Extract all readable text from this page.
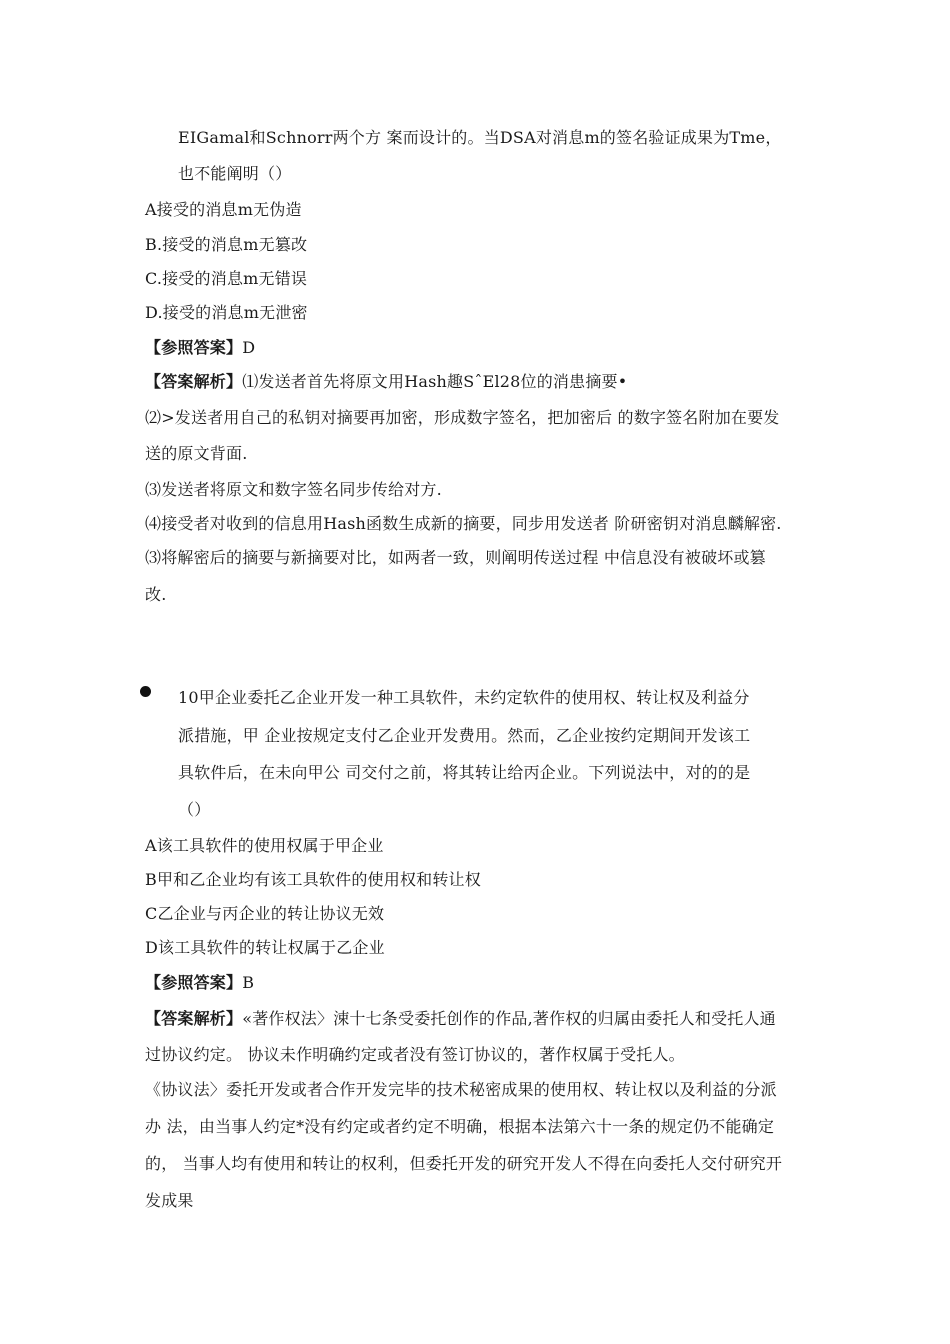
EIGamal和Schnorr两个方 案而设计的。当DSA对消息m的签名验证成果为Tme，
也不能阐明（）
A接受的消息m无伪造
B.接受的消息m无篡改
C.接受的消息m无错误
D.接受的消息m无泄密
【参照答案】D
【答案解析】⑴发送者首先将原文用Hash趣SˆEl28位的消患摘要•
⑵>发送者用自己的私钥对摘要再加密，形成数字签名，把加密后 的数字签名附加在要发
送的原文背面.
⑶发送者将原文和数字签名同步传给对方.
⑷接受者对收到的信息用Hash函数生成新的摘要，同步用发送者 阶研密钥对消息麟解密.
⑶将解密后的摘要与新摘要对比，如两者一致，则阐明传送过程 中信息没有被破坏或篡
改.
10甲企业委托乙企业开发一种工具软件，未约定软件的使用权、转让权及利益分
派措施，甲 企业按规定支付乙企业开发费用。然而，乙企业按约定期间开发该工
具软件后，在未向甲公 司交付之前，将其转让给丙企业。下列说法中，对的的是
（）
A该工具软件的使用权属于甲企业
B甲和乙企业均有该工具软件的使用权和转让权
C乙企业与丙企业的转让协议无效
D该工具软件的转让权属于乙企业
【参照答案】B
【答案解析】«著作权法〉涑十七条受委托创作的作品,著作权的归属由委托人和受托人通
过协议约定。 协议未作明确约定或者没有签订协议的，著作权属于受托人。
《协议法〉委托开发或者合作开发完毕的技术秘密成果的使用权、转让权以及利益的分派
办 法，由当事人约定*没有约定或者约定不明确，根据本法第六十一条的规定仍不能确定
的， 当事人均有使用和转让的权利，但委托开发的研究开发人不得在向委托人交付研究开
发成果
